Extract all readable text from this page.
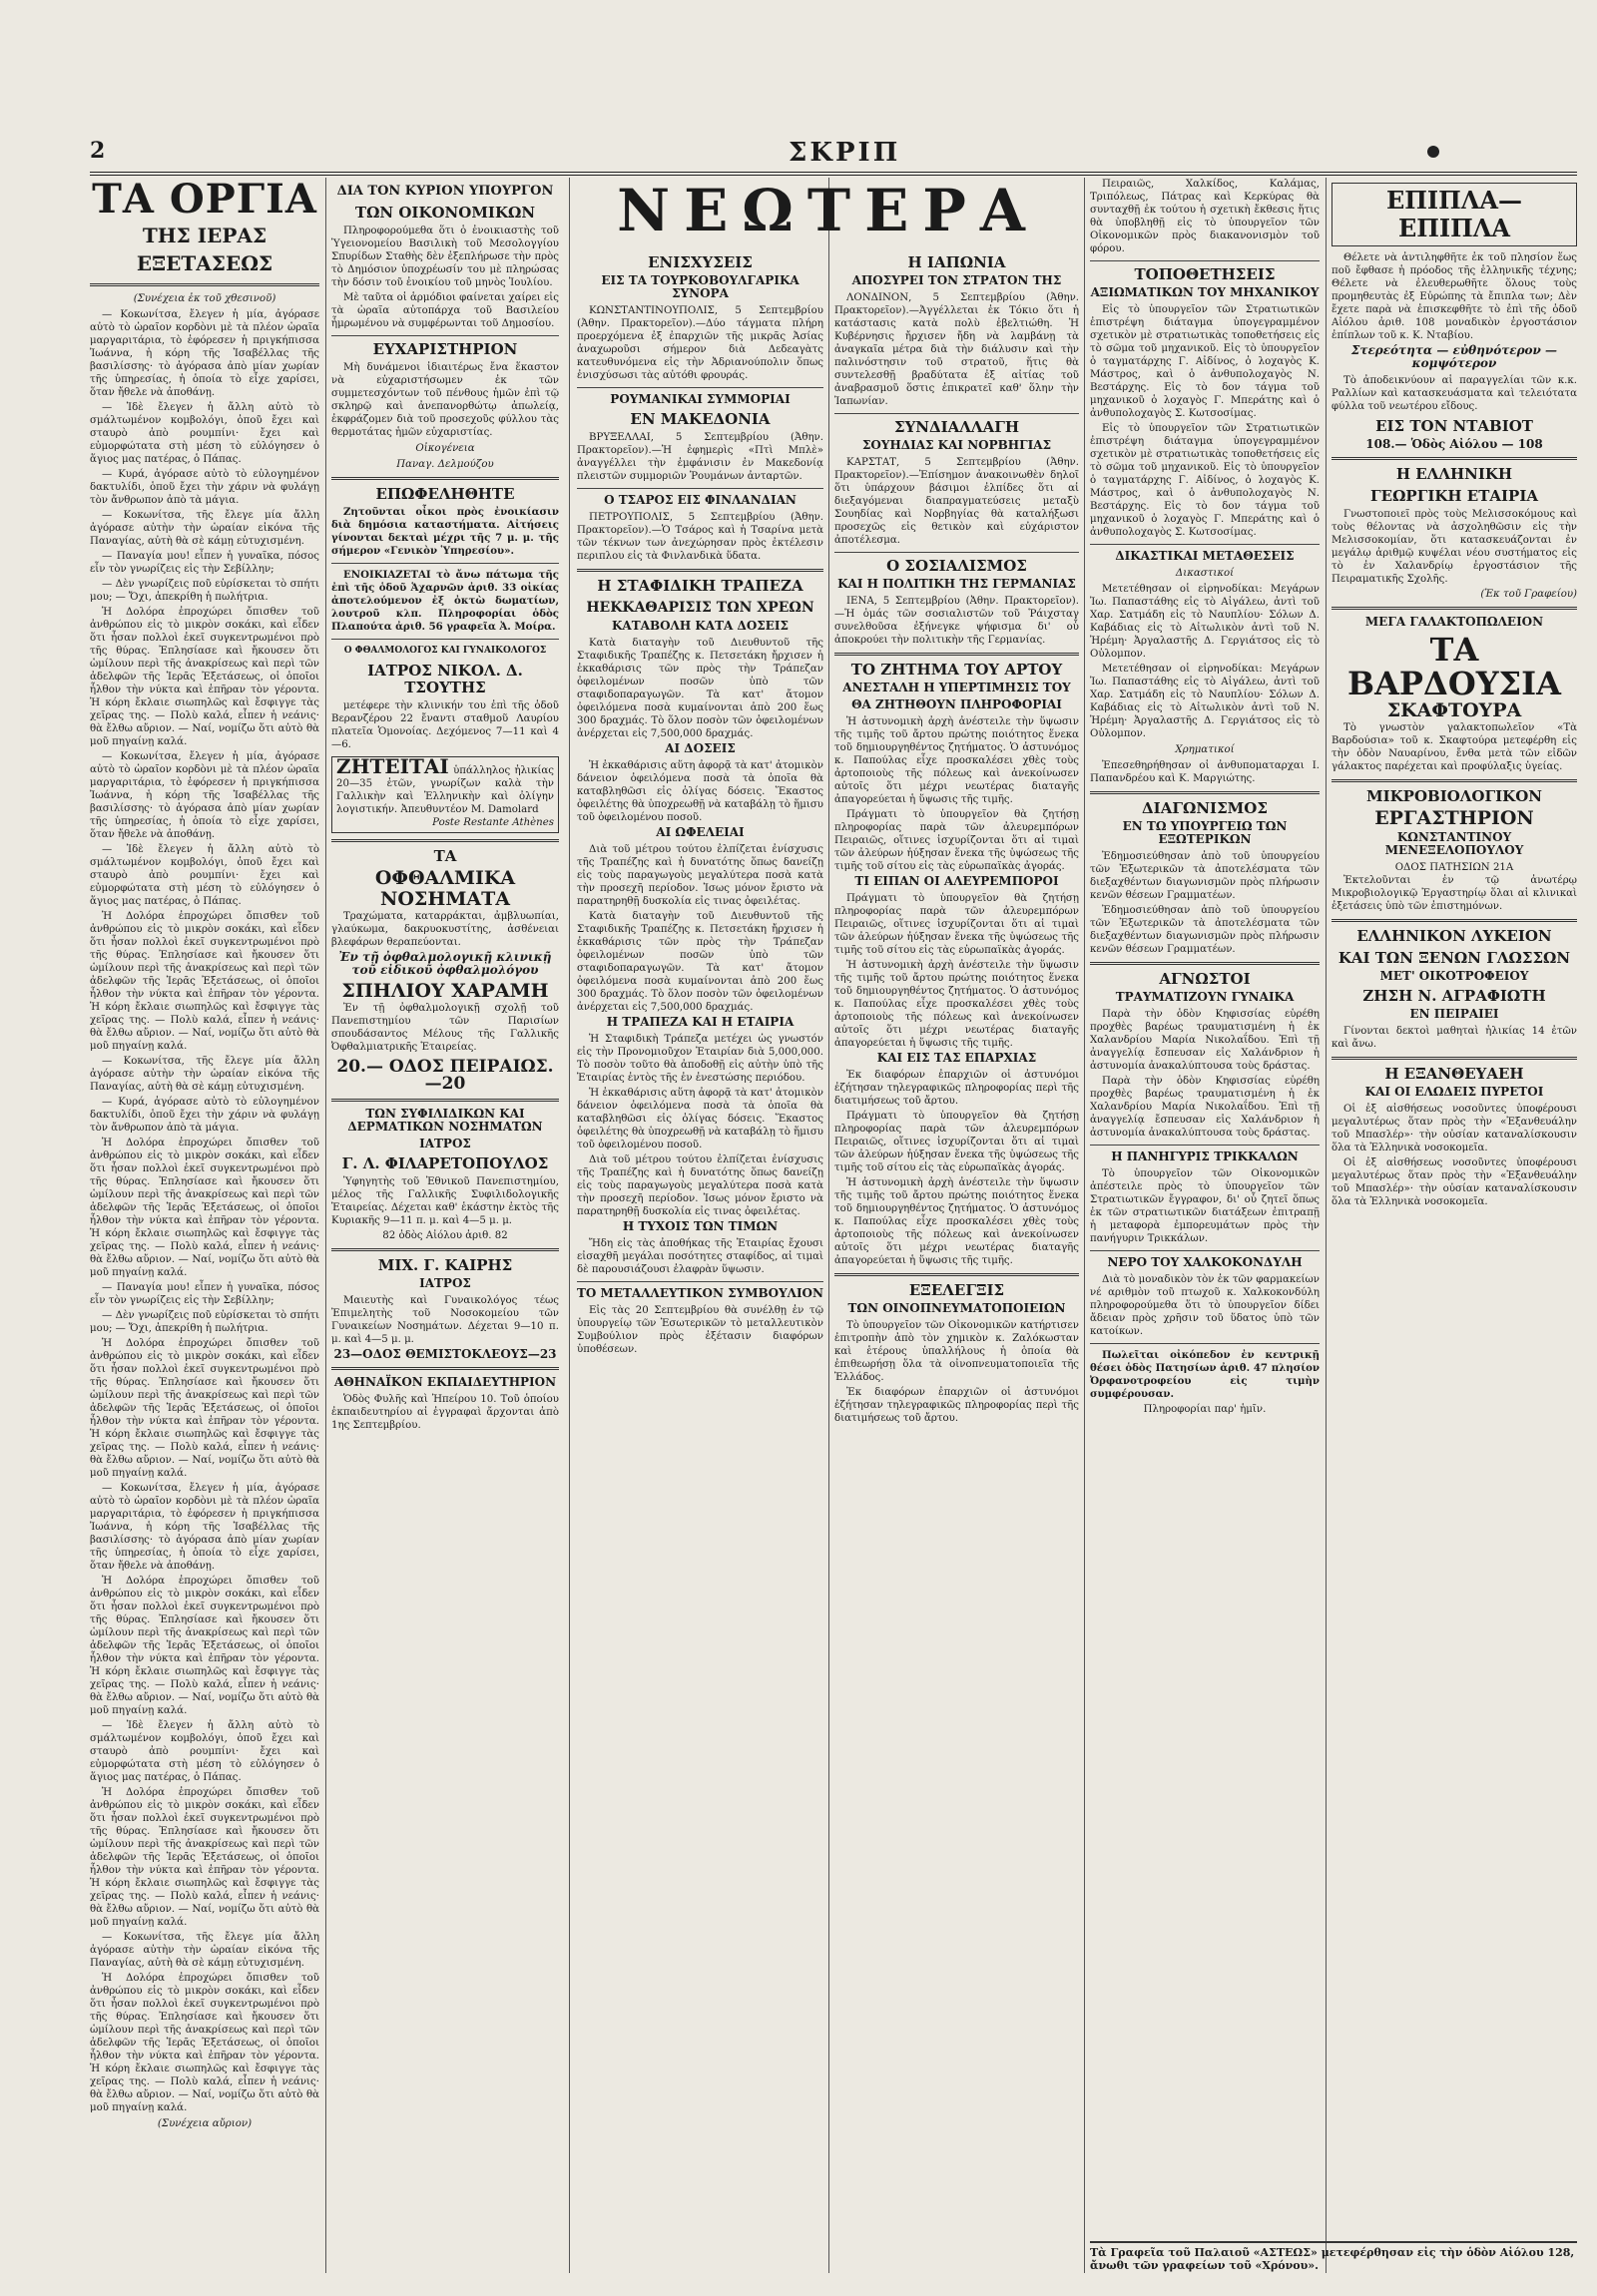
2	ΣΚΡΙΠ
ΤΑ ΟΡΓΙΑ
ΤΗΣ ΙΕΡΑΣ ΕΞΕΤΑΣΕΩΣ
(Συνέχεια ἐκ τοῦ χθεσινοῦ)

— Κοκωνίτσα, ἔλεγεν ἡ μία, ἀγόρασε αὐτὸ τὸ ὡραῖον κορδὸνι μὲ τὰ πλέον ὡραῖα μαργαριτάρια, τὸ ἐφόρεσεν ἡ πριγκήπισσα Ἰωάννα, ἡ κόρη τῆς Ἰσαβέλλας τῆς βασιλίσσης· τὸ ἀγόρασα ἀπὸ μίαν χωρίαν τῆς ὑπηρεσίας, ἡ ὁποία τὸ εἶχε χαρίσει, ὅταν ἤθελε νὰ ἀποθάνῃ.

— Ἰδὲ ἔλεγεν ἡ ἄλλη αὐτὸ τὸ σμάλτωμένον κομβολόγι, ὁποῦ ἔχει καὶ σταυρὸ ἀπὸ ρουμπίνι· ἔχει καὶ εὐμορφώτατα στὴ μέση τὸ εὐλόγησεν ὁ ἅγιος μας πατέρας, ὁ Πάπας.

— Κυρά, ἀγόρασε αὐτὸ τὸ εὐλογημένον δακτυλίδι, ὁποῦ ἔχει τὴν χάριν νὰ φυλάγῃ τὸν ἄνθρωπον ἀπὸ τὰ μάγια.

— Κοκωνίτσα, τῆς ἔλεγε μία ἄλλη ἀγόρασε αὐτὴν τὴν ὡραίαν εἰκόνα τῆς Παναγίας, αὐτὴ θὰ σὲ κάμῃ εὐτυχισμένη.

— Παναγία μου! εἶπεν ἡ γυναῖκα, πόσος εἶν τὸν γνωρίζεις εἰς τὴν Σεβίλλην;

— Δὲν γνωρίζεις ποῦ εὑρίσκεται τὸ σπήτι μου; — Ὄχι, ἀπεκρίθη ἡ πωλήτρια.

Ἡ Δολόρα ἐπροχώρει ὄπισθεν τοῦ ἀνθρώπου εἰς τὸ μικρὸν σοκάκι, καὶ εἶδεν ὅτι ἦσαν πολλοὶ ἐκεῖ συγκεντρωμένοι πρὸ τῆς θύρας. Ἐπλησίασε καὶ ἤκουσεν ὅτι ὡμίλουν περὶ τῆς ἀνακρίσεως καὶ περὶ τῶν ἀδελφῶν τῆς Ἱερᾶς Ἐξετάσεως, οἱ ὁποῖοι ἦλθον τὴν νύκτα καὶ ἐπῆραν τὸν γέροντα. Ἡ κόρη ἔκλαιε σιωπηλῶς καὶ ἔσφιγγε τὰς χεῖρας της. — Πολὺ καλά, εἶπεν ἡ νεάνις· θὰ ἔλθω αὔριον. — Ναί, νομίζω ὅτι αὐτὸ θὰ μοῦ πηγαίνῃ καλά.

— Κοκωνίτσα, ἔλεγεν ἡ μία, ἀγόρασε αὐτὸ τὸ ὡραῖον κορδὸνι μὲ τὰ πλέον ὡραῖα μαργαριτάρια, τὸ ἐφόρεσεν ἡ πριγκήπισσα Ἰωάννα, ἡ κόρη τῆς Ἰσαβέλλας τῆς βασιλίσσης· τὸ ἀγόρασα ἀπὸ μίαν χωρίαν τῆς ὑπηρεσίας, ἡ ὁποία τὸ εἶχε χαρίσει, ὅταν ἤθελε νὰ ἀποθάνῃ.

— Ἰδὲ ἔλεγεν ἡ ἄλλη αὐτὸ τὸ σμάλτωμένον κομβολόγι, ὁποῦ ἔχει καὶ σταυρὸ ἀπὸ ρουμπίνι· ἔχει καὶ εὐμορφώτατα στὴ μέση τὸ εὐλόγησεν ὁ ἅγιος μας πατέρας, ὁ Πάπας.

Ἡ Δολόρα ἐπροχώρει ὄπισθεν τοῦ ἀνθρώπου εἰς τὸ μικρὸν σοκάκι, καὶ εἶδεν ὅτι ἦσαν πολλοὶ ἐκεῖ συγκεντρωμένοι πρὸ τῆς θύρας. Ἐπλησίασε καὶ ἤκουσεν ὅτι ὡμίλουν περὶ τῆς ἀνακρίσεως καὶ περὶ τῶν ἀδελφῶν τῆς Ἱερᾶς Ἐξετάσεως, οἱ ὁποῖοι ἦλθον τὴν νύκτα καὶ ἐπῆραν τὸν γέροντα. Ἡ κόρη ἔκλαιε σιωπηλῶς καὶ ἔσφιγγε τὰς χεῖρας της. — Πολὺ καλά, εἶπεν ἡ νεάνις· θὰ ἔλθω αὔριον. — Ναί, νομίζω ὅτι αὐτὸ θὰ μοῦ πηγαίνῃ καλά.

— Κοκωνίτσα, τῆς ἔλεγε μία ἄλλη ἀγόρασε αὐτὴν τὴν ὡραίαν εἰκόνα τῆς Παναγίας, αὐτὴ θὰ σὲ κάμῃ εὐτυχισμένη.

— Κυρά, ἀγόρασε αὐτὸ τὸ εὐλογημένον δακτυλίδι, ὁποῦ ἔχει τὴν χάριν νὰ φυλάγῃ τὸν ἄνθρωπον ἀπὸ τὰ μάγια.

Ἡ Δολόρα ἐπροχώρει ὄπισθεν τοῦ ἀνθρώπου εἰς τὸ μικρὸν σοκάκι, καὶ εἶδεν ὅτι ἦσαν πολλοὶ ἐκεῖ συγκεντρωμένοι πρὸ τῆς θύρας. Ἐπλησίασε καὶ ἤκουσεν ὅτι ὡμίλουν περὶ τῆς ἀνακρίσεως καὶ περὶ τῶν ἀδελφῶν τῆς Ἱερᾶς Ἐξετάσεως, οἱ ὁποῖοι ἦλθον τὴν νύκτα καὶ ἐπῆραν τὸν γέροντα. Ἡ κόρη ἔκλαιε σιωπηλῶς καὶ ἔσφιγγε τὰς χεῖρας της. — Πολὺ καλά, εἶπεν ἡ νεάνις· θὰ ἔλθω αὔριον. — Ναί, νομίζω ὅτι αὐτὸ θὰ μοῦ πηγαίνῃ καλά.

— Παναγία μου! εἶπεν ἡ γυναῖκα, πόσος εἶν τὸν γνωρίζεις εἰς τὴν Σεβίλλην;

— Δὲν γνωρίζεις ποῦ εὑρίσκεται τὸ σπήτι μου; — Ὄχι, ἀπεκρίθη ἡ πωλήτρια.

Ἡ Δολόρα ἐπροχώρει ὄπισθεν τοῦ ἀνθρώπου εἰς τὸ μικρὸν σοκάκι, καὶ εἶδεν ὅτι ἦσαν πολλοὶ ἐκεῖ συγκεντρωμένοι πρὸ τῆς θύρας. Ἐπλησίασε καὶ ἤκουσεν ὅτι ὡμίλουν περὶ τῆς ἀνακρίσεως καὶ περὶ τῶν ἀδελφῶν τῆς Ἱερᾶς Ἐξετάσεως, οἱ ὁποῖοι ἦλθον τὴν νύκτα καὶ ἐπῆραν τὸν γέροντα. Ἡ κόρη ἔκλαιε σιωπηλῶς καὶ ἔσφιγγε τὰς χεῖρας της. — Πολὺ καλά, εἶπεν ἡ νεάνις· θὰ ἔλθω αὔριον. — Ναί, νομίζω ὅτι αὐτὸ θὰ μοῦ πηγαίνῃ καλά.

— Κοκωνίτσα, ἔλεγεν ἡ μία, ἀγόρασε αὐτὸ τὸ ὡραῖον κορδὸνι μὲ τὰ πλέον ὡραῖα μαργαριτάρια, τὸ ἐφόρεσεν ἡ πριγκήπισσα Ἰωάννα, ἡ κόρη τῆς Ἰσαβέλλας τῆς βασιλίσσης· τὸ ἀγόρασα ἀπὸ μίαν χωρίαν τῆς ὑπηρεσίας, ἡ ὁποία τὸ εἶχε χαρίσει, ὅταν ἤθελε νὰ ἀποθάνῃ.

Ἡ Δολόρα ἐπροχώρει ὄπισθεν τοῦ ἀνθρώπου εἰς τὸ μικρὸν σοκάκι, καὶ εἶδεν ὅτι ἦσαν πολλοὶ ἐκεῖ συγκεντρωμένοι πρὸ τῆς θύρας. Ἐπλησίασε καὶ ἤκουσεν ὅτι ὡμίλουν περὶ τῆς ἀνακρίσεως καὶ περὶ τῶν ἀδελφῶν τῆς Ἱερᾶς Ἐξετάσεως, οἱ ὁποῖοι ἦλθον τὴν νύκτα καὶ ἐπῆραν τὸν γέροντα. Ἡ κόρη ἔκλαιε σιωπηλῶς καὶ ἔσφιγγε τὰς χεῖρας της. — Πολὺ καλά, εἶπεν ἡ νεάνις· θὰ ἔλθω αὔριον. — Ναί, νομίζω ὅτι αὐτὸ θὰ μοῦ πηγαίνῃ καλά.

— Ἰδὲ ἔλεγεν ἡ ἄλλη αὐτὸ τὸ σμάλτωμένον κομβολόγι, ὁποῦ ἔχει καὶ σταυρὸ ἀπὸ ρουμπίνι· ἔχει καὶ εὐμορφώτατα στὴ μέση τὸ εὐλόγησεν ὁ ἅγιος μας πατέρας, ὁ Πάπας.

Ἡ Δολόρα ἐπροχώρει ὄπισθεν τοῦ ἀνθρώπου εἰς τὸ μικρὸν σοκάκι, καὶ εἶδεν ὅτι ἦσαν πολλοὶ ἐκεῖ συγκεντρωμένοι πρὸ τῆς θύρας. Ἐπλησίασε καὶ ἤκουσεν ὅτι ὡμίλουν περὶ τῆς ἀνακρίσεως καὶ περὶ τῶν ἀδελφῶν τῆς Ἱερᾶς Ἐξετάσεως, οἱ ὁποῖοι ἦλθον τὴν νύκτα καὶ ἐπῆραν τὸν γέροντα. Ἡ κόρη ἔκλαιε σιωπηλῶς καὶ ἔσφιγγε τὰς χεῖρας της. — Πολὺ καλά, εἶπεν ἡ νεάνις· θὰ ἔλθω αὔριον. — Ναί, νομίζω ὅτι αὐτὸ θὰ μοῦ πηγαίνῃ καλά.

— Κοκωνίτσα, τῆς ἔλεγε μία ἄλλη ἀγόρασε αὐτὴν τὴν ὡραίαν εἰκόνα τῆς Παναγίας, αὐτὴ θὰ σὲ κάμῃ εὐτυχισμένη.

Ἡ Δολόρα ἐπροχώρει ὄπισθεν τοῦ ἀνθρώπου εἰς τὸ μικρὸν σοκάκι, καὶ εἶδεν ὅτι ἦσαν πολλοὶ ἐκεῖ συγκεντρωμένοι πρὸ τῆς θύρας. Ἐπλησίασε καὶ ἤκουσεν ὅτι ὡμίλουν περὶ τῆς ἀνακρίσεως καὶ περὶ τῶν ἀδελφῶν τῆς Ἱερᾶς Ἐξετάσεως, οἱ ὁποῖοι ἦλθον τὴν νύκτα καὶ ἐπῆραν τὸν γέροντα. Ἡ κόρη ἔκλαιε σιωπηλῶς καὶ ἔσφιγγε τὰς χεῖρας της. — Πολὺ καλά, εἶπεν ἡ νεάνις· θὰ ἔλθω αὔριον. — Ναί, νομίζω ὅτι αὐτὸ θὰ μοῦ πηγαίνῃ καλά.

(Συνέχεια αὔριον)
ΔΙΑ ΤΟΝ ΚΥΡΙΟΝ ΥΠΟΥΡΓΟΝ
ΤΩΝ ΟΙΚΟΝΟΜΙΚΩΝ

Πληροφορούμεθα ὅτι ὁ ἐνοικιαστὴς τοῦ Ὑγειονομείου Βασιλικὴ τοῦ Μεσολογγίου Σπυρίδων Σταθὴς δὲν ἐξεπλήρωσε τὴν πρὸς τὸ Δημόσιον ὑποχρέωσίν του μὲ πληρώσας τὴν δόσιν τοῦ ἐνοικίου τοῦ μηνὸς Ἰουλίου.

Μὲ ταῦτα οἱ ἁρμόδιοι φαίνεται χαίρει εἰς τὰ ὡραῖα αὐτοπάρχα τοῦ Βασιλείου ἧμρωμένου νὰ συμφέρωνται τοῦ Δημοσίου.

ΕΥΧΑΡΙΣΤΗΡΙΟΝ

Μὴ δυνάμενοι ἰδιαιτέρως ἔνα ἕκαστον νὰ εὐχαριστήσωμεν ἐκ τῶν συμμετεσχόντων τοῦ πένθους ἡμῶν ἐπὶ τῷ σκληρῷ καὶ ἀνεπανορθώτῳ ἀπωλείᾳ, ἐκφράζομεν διὰ τοῦ προσεχοῦς φύλλου τὰς θερμοτάτας ἡμῶν εὐχαριστίας.

Οἰκογένεια
Παναγ. Δελμούζου
ΕΠΩΦΕΛΗΘΗΤΕ

Ζητοῦνται οἶκοι πρὸς ἐνοικίασιν διὰ δημόσια καταστήματα. Αἰτήσεις γίνονται δεκταὶ μέχρι τῆς 7 μ. μ. τῆς σήμερον «Γενικὸν Ὑπηρεσίου».

ΕΝΟΙΚΙΑΖΕΤΑΙ τὸ ἄνω πάτωμα τῆς ἐπὶ τῆς ὁδοῦ Ἁχαρνῶν ἀριθ. 33 οἰκίας ἀποτελούμενον ἐξ ὀκτὼ δωματίων, λουτροῦ κλπ. Πληροφορίαι ὁδὸς Πλαπούτα ἀριθ. 56 γραφεῖα Ἀ. Μοίρα.

Ο ΦΘΑΛΜΟΛΟΓΟΣ ΚΑΙ ΓΥΝΑΙΚΟΛΟΓΟΣ
ΙΑΤΡΟΣ ΝΙΚΟΛ. Δ. ΤΣΟΥΤΗΣ

μετέφερε τὴν κλινικήν του ἐπὶ τῆς ὁδοῦ Βερανζέρου 22 ἔναντι σταθμοῦ Λαυρίου πλατεῖα Ὁμονοίας. Δεχόμενος 7—11 καὶ 4—6.

ΖΗΤΕΙΤΑΙ ὑπάλληλος ἡλικίας 20—35 ἐτῶν, γνωρίζων καλὰ τὴν Γαλλικὴν καὶ Ἑλληνικὴν καὶ ὀλίγην λογιστικήν. Ἀπευθυντέον Μ. Damolard
Poste Restante Athènes
ΤΑ
ΟΦΘΑΛΜΙΚΑ ΝΟΣΗΜΑΤΑ

Τραχώματα, καταρράκται, ἀμβλυωπίαι, γλαύκωμα, δακρυοκυστίτης, ἀσθένειαι βλεφάρων θεραπεύονται.

Ἐν τῇ ὀφθαλμολογικῇ κλινικῇ τοῦ εἰδικοῦ ὀφθαλμολόγου
ΣΠΗΛΙΟΥ ΧΑΡΑΜΗ

Ἐν τῇ ὀφθαλμολογικῇ σχολῇ τοῦ Πανεπιστημίου τῶν Παρισίων σπουδάσαντος Μέλους τῆς Γαλλικῆς Ὀφθαλμιατρικῆς Ἑταιρείας.

20.— ΟΔΟΣ ΠΕΙΡΑΙΩΣ.—20
ΤΩΝ ΣΥΦΙΛΙΔΙΚΩΝ ΚΑΙ ΔΕΡΜΑΤΙΚΩΝ ΝΟΣΗΜΑΤΩΝ
ΙΑΤΡΟΣ
Γ. Λ. ΦΙΛΑΡΕΤΟΠΟΥΛΟΣ

Ὑφηγητὴς τοῦ Ἐθνικοῦ Πανεπιστημίου, μέλος τῆς Γαλλικῆς Συφιλιδολογικῆς Ἑταιρείας. Δέχεται καθ' ἑκάστην ἐκτὸς τῆς Κυριακῆς 9—11 π. μ. καὶ 4—5 μ. μ.

82 ὁδὸς Αἰόλου ἀριθ. 82
ΜΙΧ. Γ. ΚΑΙΡΗΣ
ΙΑΤΡΟΣ

Μαιευτὴς καὶ Γυναικολόγος τέως Ἐπιμελητὴς τοῦ Νοσοκομείου τῶν Γυναικείων Νοσημάτων. Δέχεται 9—10 π. μ. καὶ 4—5 μ. μ.

23—ΟΔΟΣ ΘΕΜΙΣΤΟΚΛΕΟΥΣ—23
ΑΘΗΝΑΪΚΟΝ ΕΚΠΑΙΔΕΥΤΗΡΙΟΝ

Ὁδὸς Φυλῆς καὶ Ἠπείρου 10. Τοῦ ὁποίου ἐκπαιδευτηρίου αἱ ἐγγραφαὶ ἄρχονται ἀπὸ 1ης Σεπτεμβρίου.

ΝΕΩΤΕΡΑ
ΕΝΙΣΧΥΣΕΙΣ
ΕΙΣ ΤΑ ΤΟΥΡΚΟΒΟΥΛΓΑΡΙΚΑ ΣΥΝΟΡΑ

ΚΩΝΣΤΑΝΤΙΝΟΥΠΟΛΙΣ, 5 Σεπτεμβρίου (Ἀθην. Πρακτορεῖον).—Δύο τάγματα πλήρη προερχόμενα ἐξ ἐπαρχιῶν τῆς μικρᾶς Ἀσίας ἀναχωροῦσι σήμερον διὰ Δεδεαγὰτς κατευθυνόμενα εἰς τὴν Ἀδριανούπολιν ὅπως ἐνισχύσωσι τὰς αὐτόθι φρουράς.

ΡΟΥΜΑΝΙΚΑΙ ΣΥΜΜΟΡΙΑΙ
ΕΝ ΜΑΚΕΔΟΝΙΑ

ΒΡΥΞΕΛΛΑΙ, 5 Σεπτεμβρίου (Ἀθην. Πρακτορεῖον).—Ἡ ἐφημερὶς «Πτὶ Μπλὲ» ἀναγγέλλει τὴν ἐμφάνισιν ἐν Μακεδονίᾳ πλειστῶν συμμοριῶν Ῥουμάνων ἀνταρτῶν.

Ο ΤΣΑΡΟΣ ΕΙΣ ΦΙΝΛΑΝΔΙΑΝ

ΠΕΤΡΟΥΠΟΛΙΣ, 5 Σεπτεμβρίου (Ἀθην. Πρακτορεῖον).—Ὁ Τσάρος καὶ ἡ Τσαρίνα μετὰ τῶν τέκνων των ἀνεχώρησαν πρὸς ἐκτέλεσιν περιπλου εἰς τὰ Φινλανδικὰ ὕδατα.

Η ΣΤΑΦΙΔΙΚΗ ΤΡΑΠΕΖΑ
ΗΕΚΚΑΘΑΡΙΣΙΣ ΤΩΝ ΧΡΕΩΝ
ΚΑΤΑΒΟΛΗ ΚΑΤΑ ΔΟΣΕΙΣ

Κατὰ διαταγὴν τοῦ Διευθυντοῦ τῆς Σταφιδικῆς Τραπέζης κ. Πετσετάκη ἤρχισεν ἡ ἐκκαθάρισις τῶν πρὸς τὴν Τράπεζαν ὀφειλομένων ποσῶν ὑπὸ τῶν σταφιδοπαραγωγῶν. Τὰ κατ' ἄτομον ὀφειλόμενα ποσὰ κυμαίνονται ἀπὸ 200 ἕως 300 δραχμάς. Τὸ ὅλον ποσὸν τῶν ὀφειλομένων ἀνέρχεται εἰς 7,500,000 δραχμάς.

ΑΙ ΔΟΣΕΙΣ

Ἡ ἐκκαθάρισις αὕτη ἀφορᾷ τὰ κατ' ἀτομικὸν δάνειον ὀφειλόμενα ποσὰ τὰ ὁποῖα θὰ καταβληθῶσι εἰς ὀλίγας δόσεις. Ἕκαστος ὀφειλέτης θὰ ὑποχρεωθῇ νὰ καταβάλῃ τὸ ἥμισυ τοῦ ὀφειλομένου ποσοῦ.

ΑΙ ΩΦΕΛΕΙΑΙ

Διὰ τοῦ μέτρου τούτου ἐλπίζεται ἐνίσχυσις τῆς Τραπέζης καὶ ἡ δυνατότης ὅπως δανείζῃ εἰς τοὺς παραγωγοὺς μεγαλύτερα ποσὰ κατὰ τὴν προσεχῆ περίοδον. Ἰσως μόνον ἔριστο νὰ παρατηρηθῇ δυσκολία εἰς τινας ὀφειλέτας.

Κατὰ διαταγὴν τοῦ Διευθυντοῦ τῆς Σταφιδικῆς Τραπέζης κ. Πετσετάκη ἤρχισεν ἡ ἐκκαθάρισις τῶν πρὸς τὴν Τράπεζαν ὀφειλομένων ποσῶν ὑπὸ τῶν σταφιδοπαραγωγῶν. Τὰ κατ' ἄτομον ὀφειλόμενα ποσὰ κυμαίνονται ἀπὸ 200 ἕως 300 δραχμάς. Τὸ ὅλον ποσὸν τῶν ὀφειλομένων ἀνέρχεται εἰς 7,500,000 δραχμάς.

Η ΤΡΑΠΕΖΑ ΚΑΙ Η ΕΤΑΙΡΙΑ

Ἡ Σταφιδικὴ Τράπεζα μετέχει ὡς γνωστόν εἰς τὴν Προνομιοῦχον Ἑταιρίαν διὰ 5,000,000. Τὸ ποσὸν τοῦτο θὰ ἀποδοθῇ εἰς αὐτὴν ὑπὸ τῆς Ἑταιρίας ἐντὸς τῆς ἐν ἐνεστώσης περιόδου.

Ἡ ἐκκαθάρισις αὕτη ἀφορᾷ τὰ κατ' ἀτομικὸν δάνειον ὀφειλόμενα ποσὰ τὰ ὁποῖα θὰ καταβληθῶσι εἰς ὀλίγας δόσεις. Ἕκαστος ὀφειλέτης θὰ ὑποχρεωθῇ νὰ καταβάλῃ τὸ ἥμισυ τοῦ ὀφειλομένου ποσοῦ.

Διὰ τοῦ μέτρου τούτου ἐλπίζεται ἐνίσχυσις τῆς Τραπέζης καὶ ἡ δυνατότης ὅπως δανείζῃ εἰς τοὺς παραγωγοὺς μεγαλύτερα ποσὰ κατὰ τὴν προσεχῆ περίοδον. Ἰσως μόνον ἔριστο νὰ παρατηρηθῇ δυσκολία εἰς τινας ὀφειλέτας.

Η ΤΥΧΟΙΣ ΤΩΝ ΤΙΜΩΝ

Ἤδη εἰς τὰς ἀποθήκας τῆς Ἑταιρίας ἔχουσι εἰσαχθῆ μεγάλαι ποσότητες σταφίδος, αἱ τιμαὶ δὲ παρουσιάζουσι ἐλαφρὰν ὕψωσιν.

ΤΟ ΜΕΤΑΛΛΕΥΤΙΚΟΝ ΣΥΜΒΟΥΛΙΟΝ

Εἰς τὰς 20 Σεπτεμβρίου θὰ συνέλθῃ ἐν τῷ ὑπουργείῳ τῶν Ἐσωτερικῶν τὸ μεταλλευτικὸν Συμβούλιον πρὸς ἐξέτασιν διαφόρων ὑποθέσεων.

Η ΙΑΠΩΝΙΑ
ΑΠΟΣΥΡΕΙ ΤΟΝ ΣΤΡΑΤΟΝ ΤΗΣ

ΛΟΝΔΙΝΟΝ, 5 Σεπτεμβρίου (Ἀθην. Πρακτορεῖον).—Ἀγγέλλεται ἐκ Τόκιο ὅτι ἡ κατάστασις κατὰ πολὺ ἐβελτιώθη. Ἡ Κυβέρνησις ἤρχισεν ἤδη νὰ λαμβάνῃ τὰ ἀναγκαῖα μέτρα διὰ τὴν διάλυσιν καὶ τὴν παλινόστησιν τοῦ στρατοῦ, ἥτις θὰ συντελεσθῇ βραδύτατα ἐξ αἰτίας τοῦ ἀναβρασμοῦ ὅστις ἐπικρατεῖ καθ' ὅλην τὴν Ἰαπωνίαν.

ΣΥΝΔΙΑΛΛΑΓΗ
ΣΟΥΗΔΙΑΣ ΚΑΙ ΝΟΡΒΗΓΙΑΣ

ΚΑΡΣΤΑΤ, 5 Σεπτεμβρίου (Ἀθην. Πρακτορεῖον).—Ἐπίσημον ἀνακοινωθὲν δηλοῖ ὅτι ὑπάρχουν βάσιμοι ἐλπίδες ὅτι αἱ διεξαγόμεναι διαπραγματεύσεις μεταξὺ Σουηδίας καὶ Νορβηγίας θὰ καταλήξωσι προσεχῶς εἰς θετικὸν καὶ εὐχάριστον ἀποτέλεσμα.

Ο ΣΟΣΙΑΛΙΣΜΟΣ
ΚΑΙ Η ΠΟΛΙΤΙΚΗ ΤΗΣ ΓΕΡΜΑΝΙΑΣ

ΙΕΝΑ, 5 Σεπτεμβρίου (Ἀθην. Πρακτορεῖον).—Ἡ ὁμάς τῶν σοσιαλιστῶν τοῦ Ῥάιχσταγ συνελθοῦσα ἐξήνεγκε ψήφισμα δι' οὗ ἀποκρούει τὴν πολιτικὴν τῆς Γερμανίας.

ΤΟ ΖΗΤΗΜΑ ΤΟΥ ΑΡΤΟΥ
ΑΝΕΣΤΑΛΗ Η ΥΠΕΡΤΙΜΗΣΙΣ ΤΟΥ
ΘΑ ΖΗΤΗΘΟΥΝ ΠΛΗΡΟΦΟΡΙΑΙ

Ἡ ἀστυνομικὴ ἀρχὴ ἀνέστειλε τὴν ὕψωσιν τῆς τιμῆς τοῦ ἄρτου πρώτης ποιότητος ἕνεκα τοῦ δημιουργηθέντος ζητήματος. Ὁ ἀστυνόμος κ. Παπούλας εἶχε προσκαλέσει χθὲς τοὺς ἀρτοποιοὺς τῆς πόλεως καὶ ἀνεκοίνωσεν αὐτοῖς ὅτι μέχρι νεωτέρας διαταγῆς ἀπαγορεύεται ἡ ὕψωσις τῆς τιμῆς.

Πράγματι τὸ ὑπουργεῖον θὰ ζητήσῃ πληροφορίας παρὰ τῶν ἀλευρεμπόρων Πειραιῶς, οἵτινες ἰσχυρίζονται ὅτι αἱ τιμαὶ τῶν ἀλεύρων ἠύξησαν ἕνεκα τῆς ὑψώσεως τῆς τιμῆς τοῦ σίτου εἰς τὰς εὐρωπαϊκὰς ἀγοράς.

ΤΙ ΕΙΠΑΝ ΟΙ ΑΛΕΥΡΕΜΠΟΡΟΙ

Πράγματι τὸ ὑπουργεῖον θὰ ζητήσῃ πληροφορίας παρὰ τῶν ἀλευρεμπόρων Πειραιῶς, οἵτινες ἰσχυρίζονται ὅτι αἱ τιμαὶ τῶν ἀλεύρων ἠύξησαν ἕνεκα τῆς ὑψώσεως τῆς τιμῆς τοῦ σίτου εἰς τὰς εὐρωπαϊκὰς ἀγοράς.

Ἡ ἀστυνομικὴ ἀρχὴ ἀνέστειλε τὴν ὕψωσιν τῆς τιμῆς τοῦ ἄρτου πρώτης ποιότητος ἕνεκα τοῦ δημιουργηθέντος ζητήματος. Ὁ ἀστυνόμος κ. Παπούλας εἶχε προσκαλέσει χθὲς τοὺς ἀρτοποιοὺς τῆς πόλεως καὶ ἀνεκοίνωσεν αὐτοῖς ὅτι μέχρι νεωτέρας διαταγῆς ἀπαγορεύεται ἡ ὕψωσις τῆς τιμῆς.

ΚΑΙ ΕΙΣ ΤΑΣ ΕΠΑΡΧΙΑΣ

Ἐκ διαφόρων ἐπαρχιῶν οἱ ἀστυνόμοι ἐζήτησαν τηλεγραφικῶς πληροφορίας περὶ τῆς διατιμήσεως τοῦ ἄρτου.

Πράγματι τὸ ὑπουργεῖον θὰ ζητήσῃ πληροφορίας παρὰ τῶν ἀλευρεμπόρων Πειραιῶς, οἵτινες ἰσχυρίζονται ὅτι αἱ τιμαὶ τῶν ἀλεύρων ἠύξησαν ἕνεκα τῆς ὑψώσεως τῆς τιμῆς τοῦ σίτου εἰς τὰς εὐρωπαϊκὰς ἀγοράς.

Ἡ ἀστυνομικὴ ἀρχὴ ἀνέστειλε τὴν ὕψωσιν τῆς τιμῆς τοῦ ἄρτου πρώτης ποιότητος ἕνεκα τοῦ δημιουργηθέντος ζητήματος. Ὁ ἀστυνόμος κ. Παπούλας εἶχε προσκαλέσει χθὲς τοὺς ἀρτοποιοὺς τῆς πόλεως καὶ ἀνεκοίνωσεν αὐτοῖς ὅτι μέχρι νεωτέρας διαταγῆς ἀπαγορεύεται ἡ ὕψωσις τῆς τιμῆς.

ΕΞΕΛΕΓΞΙΣ
ΤΩΝ ΟΙΝΟΠΝΕΥΜΑΤΟΠΟΙΕΙΩΝ

Τὸ ὑπουργεῖον τῶν Οἰκονομικῶν κατήρτισεν ἐπιτροπὴν ἀπὸ τὸν χημικὸν κ. Ζαλόκωσταν καὶ ἑτέρους ὑπαλλήλους ἡ ὁποία θὰ ἐπιθεωρήσῃ ὅλα τὰ οἰνοπνευματοποιεῖα τῆς Ἑλλάδος.

Ἐκ διαφόρων ἐπαρχιῶν οἱ ἀστυνόμοι ἐζήτησαν τηλεγραφικῶς πληροφορίας περὶ τῆς διατιμήσεως τοῦ ἄρτου.

Πειραιῶς, Χαλκίδος, Καλάμας, Τριπόλεως, Πάτρας καὶ Κερκύρας θὰ συνταχθῇ ἐκ τούτου ἡ σχετικὴ ἔκθεσις ἥτις θὰ ὑποβληθῇ εἰς τὸ ὑπουργεῖον τῶν Οἰκονομικῶν πρὸς διακανονισμὸν τοῦ φόρου.

ΤΟΠΟΘΕΤΗΣΕΙΣ
ΑΞΙΩΜΑΤΙΚΩΝ ΤΟΥ ΜΗΧΑΝΙΚΟΥ

Εἰς τὸ ὑπουργεῖον τῶν Στρατιωτικῶν ἐπιστρέψη διάταγμα ὑπογεγραμμένον σχετικὸν μὲ στρατιωτικὰς τοποθετήσεις εἰς τὸ σῶμα τοῦ μηχανικοῦ. Εἰς τὸ ὑπουργεῖον ὁ ταγματάρχης Γ. Αἰδίνος, ὁ λοχαγὸς Κ. Μάστρος, καὶ ὁ ἀνθυπολοχαγὸς Ν. Βεστάρχης. Εἰς τὸ δον τάγμα τοῦ μηχανικοῦ ὁ λοχαγὸς Γ. Μπεράτης καὶ ὁ ἀνθυπολοχαγὸς Σ. Κωτσοσίμας.

Εἰς τὸ ὑπουργεῖον τῶν Στρατιωτικῶν ἐπιστρέψη διάταγμα ὑπογεγραμμένον σχετικὸν μὲ στρατιωτικὰς τοποθετήσεις εἰς τὸ σῶμα τοῦ μηχανικοῦ. Εἰς τὸ ὑπουργεῖον ὁ ταγματάρχης Γ. Αἰδίνος, ὁ λοχαγὸς Κ. Μάστρος, καὶ ὁ ἀνθυπολοχαγὸς Ν. Βεστάρχης. Εἰς τὸ δον τάγμα τοῦ μηχανικοῦ ὁ λοχαγὸς Γ. Μπεράτης καὶ ὁ ἀνθυπολοχαγὸς Σ. Κωτσοσίμας.

ΔΙΚΑΣΤΙΚΑΙ ΜΕΤΑΘΕΣΕΙΣ
Δικαστικοί

Μετετέθησαν οἱ εἰρηνοδίκαι: Μεγάρων Ἰω. Παπαστάθης εἰς τὸ Αἰγάλεω, ἀντὶ τοῦ Χαρ. Σατμάδη εἰς τὸ Ναυπλίου· Σόλων Δ. Καβάδιας εἰς τὸ Αἰτωλικὸν ἀντὶ τοῦ Ν. Ἠρέμη· Ἀργαλαστῆς Δ. Γεργιάτσος εἰς τὸ Οὐλομπον.

Μετετέθησαν οἱ εἰρηνοδίκαι: Μεγάρων Ἰω. Παπαστάθης εἰς τὸ Αἰγάλεω, ἀντὶ τοῦ Χαρ. Σατμάδη εἰς τὸ Ναυπλίου· Σόλων Δ. Καβάδιας εἰς τὸ Αἰτωλικὸν ἀντὶ τοῦ Ν. Ἠρέμη· Ἀργαλαστῆς Δ. Γεργιάτσος εἰς τὸ Οὐλομπον.

Χρηματικοί

Ἐπεσεθηρήθησαν οἱ ἀνθυποματαρχαι Ι. Παπανδρέου καὶ Κ. Μαργιώτης.

ΔΙΑΓΩΝΙΣΜΟΣ
ΕΝ ΤΩ ΥΠΟΥΡΓΕΙΩ ΤΩΝ ΕΞΩΤΕΡΙΚΩΝ

Ἐδημοσιεύθησαν ἀπὸ τοῦ ὑπουργείου τῶν Ἐξωτερικῶν τὰ ἀποτελέσματα τῶν διεξαχθέντων διαγωνισμῶν πρὸς πλήρωσιν κενῶν θέσεων Γραμματέων.

Ἐδημοσιεύθησαν ἀπὸ τοῦ ὑπουργείου τῶν Ἐξωτερικῶν τὰ ἀποτελέσματα τῶν διεξαχθέντων διαγωνισμῶν πρὸς πλήρωσιν κενῶν θέσεων Γραμματέων.

ΑΓΝΩΣΤΟΙ
ΤΡΑΥΜΑΤΙΖΟΥΝ ΓΥΝΑΙΚΑ

Παρὰ τὴν ὁδὸν Κηφισσίας εὑρέθη προχθὲς βαρέως τραυματισμένη ἡ ἐκ Χαλανδρίου Μαρία Νικολαΐδου. Ἐπὶ τῇ ἀναγγελίᾳ ἔσπευσαν εἰς Χαλάνδριον ἡ ἀστυνομία ἀνακαλύπτουσα τοὺς δράστας.

Παρὰ τὴν ὁδὸν Κηφισσίας εὑρέθη προχθὲς βαρέως τραυματισμένη ἡ ἐκ Χαλανδρίου Μαρία Νικολαΐδου. Ἐπὶ τῇ ἀναγγελίᾳ ἔσπευσαν εἰς Χαλάνδριον ἡ ἀστυνομία ἀνακαλύπτουσα τοὺς δράστας.

Η ΠΑΝΗΓΥΡΙΣ ΤΡΙΚΚΑΛΩΝ

Τὸ ὑπουργεῖον τῶν Οἰκονομικῶν ἀπέστειλε πρὸς τὸ ὑπουργεῖον τῶν Στρατιωτικῶν ἔγγραφον, δι' οὗ ζητεῖ ὅπως ἐκ τῶν στρατιωτικῶν διατάξεων ἐπιτραπῇ ἡ μεταφορὰ ἐμπορευμάτων πρὸς τὴν πανήγυριν Τρικκάλων.

ΝΕΡΟ ΤΟΥ ΧΑΛΚΟΚΟΝΔΥΛΗ

Διὰ τὸ μοναδικὸν τὸν ἐκ τῶν φαρμακείων νέ αριθμὸν τοῦ πτωχοῦ κ. Χαλκοκονδύλη πληροφορούμεθα ὅτι τὸ ὑπουργεῖον δίδει ἄδειαν πρὸς χρῆσιν τοῦ ὕδατος ὑπὸ τῶν κατοίκων.

Πωλεῖται οἰκόπεδον ἐν κεντρικῇ θέσει ὁδὸς Πατησίων ἀριθ. 47 πλησίον Ὀρφανοτροφείου εἰς τιμὴν συμφέρουσαν.

Πληροφορίαι παρ' ἡμῖν.
ΕΠΙΠΛΑ—ΕΠΙΠΛΑ

Θέλετε νὰ ἀντιληφθῆτε ἐκ τοῦ πλησίον ἕως ποῦ ἔφθασε ἡ πρόοδος τῆς ἑλληνικῆς τέχνης; Θέλετε νὰ ἐλευθερωθῆτε ὅλους τοὺς προμηθευτὰς ἐξ Εὐρώπης τὰ ἔπιπλα των; Δὲν ἔχετε παρὰ νὰ ἐπισκεφθῆτε τὸ ἐπὶ τῆς ὁδοῦ Αἰόλου ἀριθ. 108 μοναδικὸν ἐργοστάσιον ἐπίπλων τοῦ κ. Κ. Νταβίου.

Στερεότητα — εὐθηνότερον — κομψότερον

Τὸ ἀποδεικνύουν αἱ παραγγελίαι τῶν κ.κ. Ραλλίων καὶ κατασκευάσματα καὶ τελειότατα φύλλα τοῦ νεωτέρου εἴδους.

ΕΙΣ ΤΟΝ ΝΤΑΒΙΟΤ
108.— Ὁδὸς Αἰόλου — 108
Η ΕΛΛΗΝΙΚΗ
ΓΕΩΡΓΙΚΗ ΕΤΑΙΡΙΑ

Γνωστοποιεῖ πρὸς τοὺς Μελισσοκόμους καὶ τοὺς θέλοντας νὰ ἀσχοληθῶσιν εἰς τὴν Μελισσοκομίαν, ὅτι κατασκευάζονται ἐν μεγάλῳ ἀριθμῷ κυψέλαι νέου συστήματος εἰς τὸ ἐν Χαλανδρίῳ ἐργοστάσιον τῆς Πειραματικῆς Σχολῆς.

(Ἐκ τοῦ Γραφείου)
ΜΕΓΑ ΓΑΛΑΚΤΟΠΩΛΕΙΟΝ
ΤΑ ΒΑΡΔΟΥΣΙΑ
ΣΚΑΦΤΟΥΡΑ

Τὸ γνωστὸν γαλακτοπωλεῖον «Τὰ Βαρδούσια» τοῦ κ. Σκαφτούρα μετεφέρθη εἰς τὴν ὁδὸν Ναυαρίνου, ἔνθα μετὰ τῶν εἰδῶν γάλακτος παρέχεται καὶ προφύλαξις ὑγείας.

ΜΙΚΡΟΒΙΟΛΟΓΙΚΟΝ
ΕΡΓΑΣΤΗΡΙΟΝ
ΚΩΝΣΤΑΝΤΙΝΟΥ ΜΕΝΕΞΕΛΟΠΟΥΛΟΥ
ΟΔΟΣ ΠΑΤΗΣΙΩΝ 21Α

Ἐκτελοῦνται ἐν τῷ ἀνωτέρῳ Μικροβιολογικῷ Ἐργαστηρίῳ ὅλαι αἱ κλινικαὶ ἐξετάσεις ὑπὸ τῶν ἐπιστημόνων.

ΕΛΛΗΝΙΚΟΝ ΛΥΚΕΙΟΝ
ΚΑΙ ΤΩΝ ΞΕΝΩΝ ΓΛΩΣΣΩΝ
ΜΕΤ' ΟΙΚΟΤΡΟΦΕΙΟΥ
ΖΗΣΗ Ν. ΑΓΡΑΦΙΩΤΗ
ΕΝ ΠΕΙΡΑΙΕΙ

Γίνονται δεκτοὶ μαθηταὶ ἡλικίας 14 ἐτῶν καὶ ἄνω.

Η ΕΞΑΝΘΕΥΑΕΗ
ΚΑΙ ΟΙ ΕΛΩΔΕΙΣ ΠΥΡΕΤΟΙ

Οἱ ἐξ αἰσθήσεως νοσοῦντες ὑποφέρουσι μεγαλυτέρως ὅταν πρὸς τὴν «Ἐξανθευάλην τοῦ Μπασλέρ»· τὴν οὐσίαν καταναλίσκουσιν ὅλα τὰ Ἑλληνικὰ νοσοκομεῖα.

Οἱ ἐξ αἰσθήσεως νοσοῦντες ὑποφέρουσι μεγαλυτέρως ὅταν πρὸς τὴν «Ἐξανθευάλην τοῦ Μπασλέρ»· τὴν οὐσίαν καταναλίσκουσιν ὅλα τὰ Ἑλληνικὰ νοσοκομεῖα.

Τὰ Γραφεῖα τοῦ Παλαιοῦ «ΑΣΤΕΩΣ» μετεφέρθησαν εἰς τὴν ὁδὸν Αἰόλου 128, ἄνωθι τῶν γραφείων τοῦ «Χρόνου».
